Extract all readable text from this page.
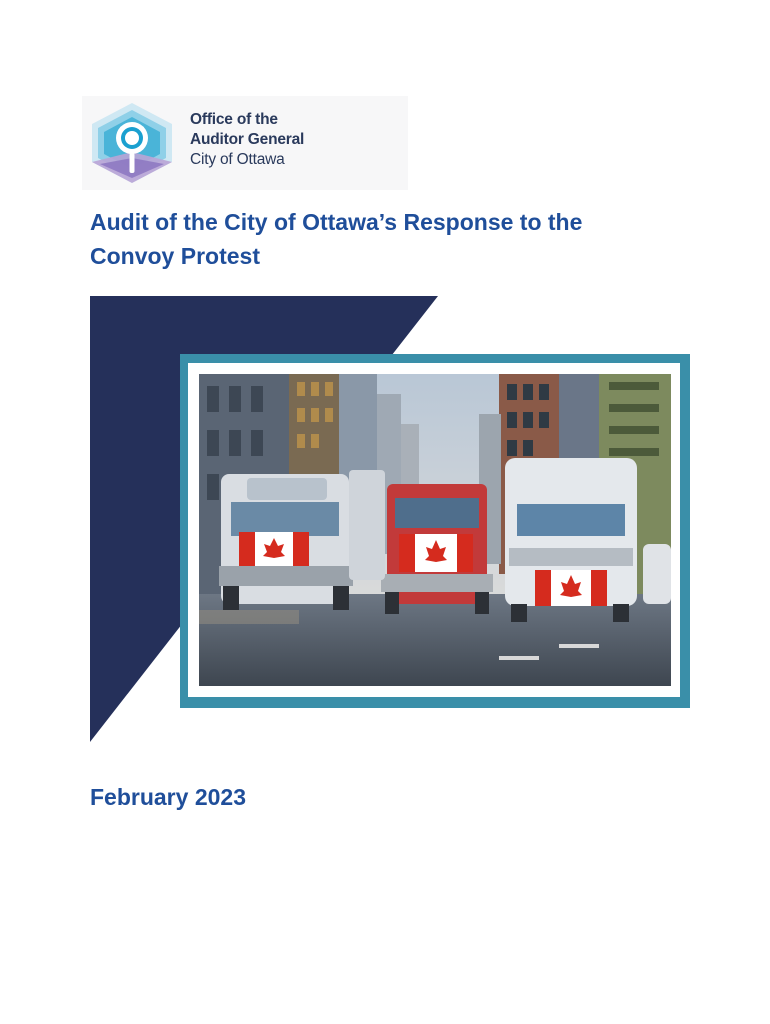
Office of the
Auditor General
City of Ottawa
Audit of the City of Ottawa’s Response to the
Convoy Protest

February 2023
